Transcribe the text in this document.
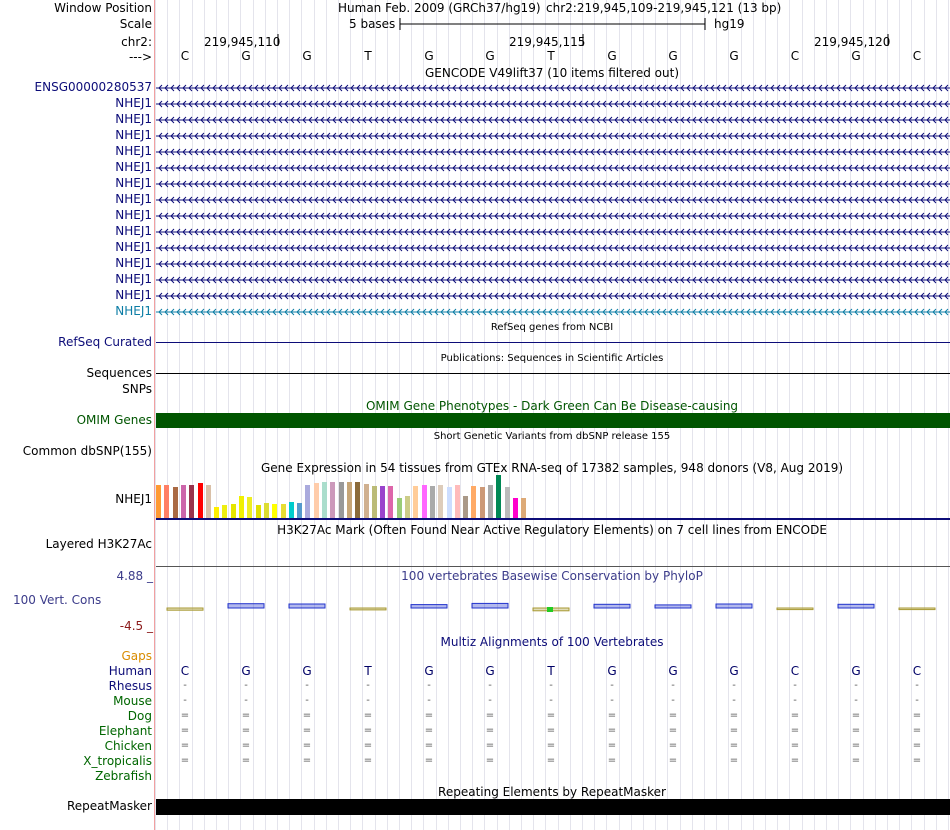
Window Position	Human Feb. 2009 (GRCh37/hg19) chr2:219,945,109-219,945,121 (13 bp)
Scale	5 bases	hg19
chr2:	219,945,110	219,945,115	219,945,120
--->	C	G	G	T	G	G	T	G	G	G	C	G	C
GENCODE V49lift37 (10 items filtered out)
ENSG00000280537
NHEJ1
NHEJ1
NHEJ1
NHEJ1
NHEJ1
NHEJ1
NHEJ1
NHEJ1
NHEJ1
NHEJ1
NHEJ1
NHEJ1
NHEJ1
NHEJ1
RefSeq genes from NCBI
RefSeq Curated
Publications: Sequences in Scientific Articles
Sequences
SNPs
OMIM Gene Phenotypes - Dark Green Can Be Disease-causing
OMIM Genes
Short Genetic Variants from dbSNP release 155
Common dbSNP(155)
Gene Expression in 54 tissues from GTEx RNA-seq of 17382 samples, 948 donors (V8, Aug 2019)
NHEJ1
H3K27Ac Mark (Often Found Near Active Regulatory Elements) on 7 cell lines from ENCODE
Layered H3K27Ac
100 vertebrates Basewise Conservation by PhyloP
4.88 _
100 Vert. Cons
-4.5 _
Multiz Alignments of 100 Vertebrates
Gaps
Human	C	G	G	T	G	G	T	G	G	G	C	G	C
Rhesus	-	-	-	-	-	-	-	-	-	-	-	-	-
Mouse	-	-	-	-	-	-	-	-	-	-	-	-	-
Dog	=	=	=	=	=	=	=	=	=	=	=	=	=
Elephant	=	=	=	=	=	=	=	=	=	=	=	=	=
Chicken	=	=	=	=	=	=	=	=	=	=	=	=	=
X_tropicalis	=	=	=	=	=	=	=	=	=	=	=	=	=
Zebrafish
Repeating Elements by RepeatMasker
RepeatMasker
